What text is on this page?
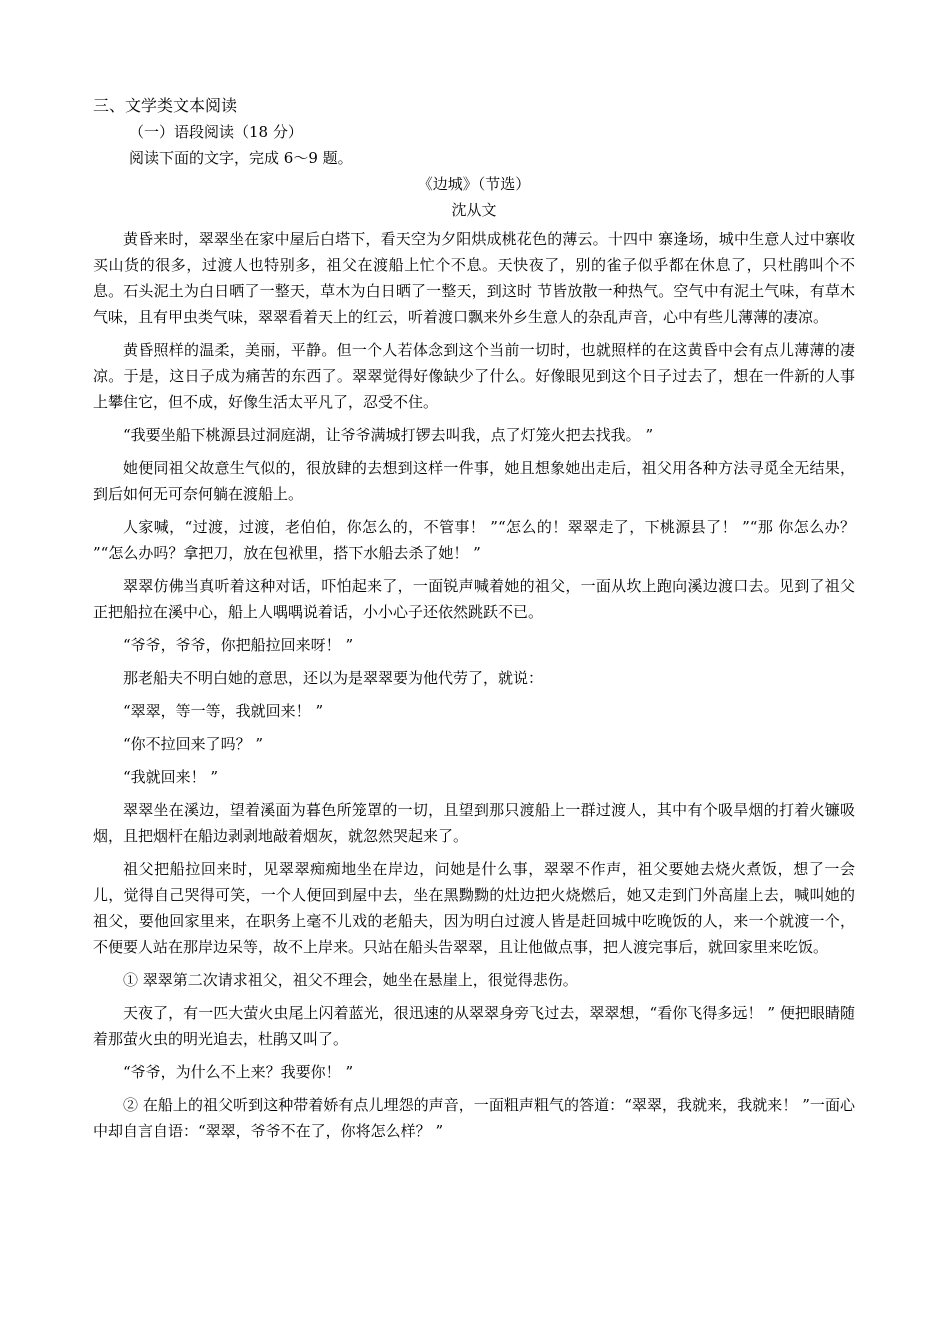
三、文学类文本阅读

（一）语段阅读（18 分）

阅读下面的文字，完成 6～9 题。

《边城》（节选）

沈从文

黄昏来时，翠翠坐在家中屋后白塔下，看天空为夕阳烘成桃花色的薄云。十四中 寨逢场，城中生意人过中寨收买山货的很多，过渡人也特别多，祖父在渡船上忙个不息。天快夜了，别的雀子似乎都在休息了，只杜鹃叫个不息。石头泥土为白日晒了一整天，草木为白日晒了一整天，到这时 节皆放散一种热气。空气中有泥土气味，有草木气味，且有甲虫类气味，翠翠看着天上的红云，听着渡口飘来外乡生意人的杂乱声音，心中有些儿薄薄的凄凉。

黄昏照样的温柔，美丽，平静。但一个人若体念到这个当前一切时，也就照样的在这黄昏中会有点儿薄薄的凄凉。于是，这日子成为痛苦的东西了。翠翠觉得好像缺少了什么。好像眼见到这个日子过去了，想在一件新的人事上攀住它，但不成，好像生活太平凡了，忍受不住。

“我要坐船下桃源县过洞庭湖，让爷爷满城打锣去叫我，点了灯笼火把去找我。 ”

她便同祖父故意生气似的，很放肆的去想到这样一件事，她且想象她出走后，祖父用各种方法寻觅全无结果，到后如何无可奈何躺在渡船上。

人家喊，“过渡，过渡，老伯伯，你怎么的，不管事！ ”“怎么的！翠翠走了，下桃源县了！ ”“那 你怎么办？ ”“怎么办吗？拿把刀，放在包袱里，搭下水船去杀了她！ ”

翠翠仿佛当真听着这种对话，吓怕起来了，一面锐声喊着她的祖父，一面从坎上跑向溪边渡口去。见到了祖父正把船拉在溪中心，船上人喁喁说着话，小小心子还依然跳跃不已。

“爷爷，爷爷，你把船拉回来呀！ ”

那老船夫不明白她的意思，还以为是翠翠要为他代劳了，就说：

“翠翠，等一等，我就回来！ ”

“你不拉回来了吗？ ”

“我就回来！ ”

翠翠坐在溪边，望着溪面为暮色所笼罩的一切，且望到那只渡船上一群过渡人，其中有个吸旱烟的打着火镰吸烟，且把烟杆在船边剥剥地敲着烟灰，就忽然哭起来了。

祖父把船拉回来时，见翠翠痴痴地坐在岸边，问她是什么事，翠翠不作声，祖父要她去烧火煮饭，想了一会儿，觉得自己哭得可笑，一个人便回到屋中去，坐在黑黝黝的灶边把火烧燃后，她又走到门外高崖上去，喊叫她的祖父，要他回家里来，在职务上毫不儿戏的老船夫，因为明白过渡人皆是赶回城中吃晚饭的人，来一个就渡一个，不便要人站在那岸边呆等，故不上岸来。只站在船头告翠翠，且让他做点事，把人渡完事后，就回家里来吃饭。

① 翠翠第二次请求祖父，祖父不理会，她坐在悬崖上，很觉得悲伤。

天夜了，有一匹大萤火虫尾上闪着蓝光，很迅速的从翠翠身旁飞过去，翠翠想，“看你飞得多远！ ” 便把眼睛随着那萤火虫的明光追去，杜鹃又叫了。

“爷爷，为什么不上来？我要你！ ”

② 在船上的祖父听到这种带着娇有点儿埋怨的声音，一面粗声粗气的答道：“翠翠，我就来，我就来！ ”一面心中却自言自语：“翠翠，爷爷不在了，你将怎么样？ ”
